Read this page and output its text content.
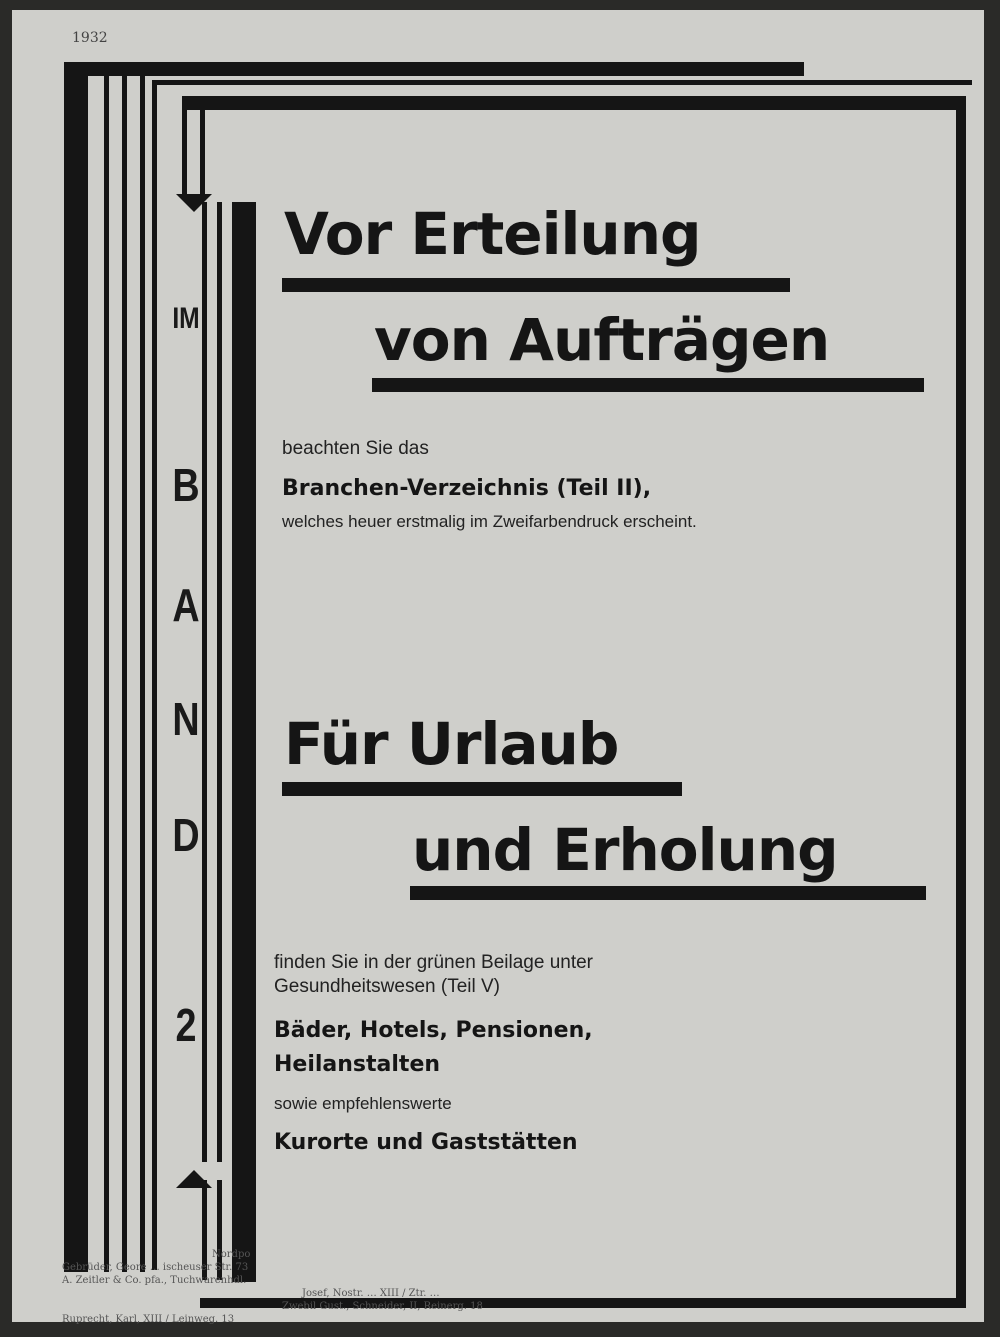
1932
IM
B
A
N
D
2
Vor Erteilung
von Aufträgen
beachten Sie das
Branchen-Verzeichnis (Teil II),
welches heuer erstmalig im Zweifarbendruck erscheint.
Für Urlaub
und Erholung
finden Sie in der grünen Beilage unter
Gesundheitswesen (Teil V)
Bäder, Hotels, Pensionen,
Heilanstalten
sowie empfehlenswerte
Kurorte und Gaststätten
Nordpo
Gebrüder, Geore … ischeuser Str. 73
A. Zeitler & Co. pfa., Tuchwarenhdl.
Josef, Nostr. … XIII / Ztr. …
Zwebil Gust., Schneider, II, Reinerg. 18
Ruprecht, Karl, XIII / Leinweg. 13
